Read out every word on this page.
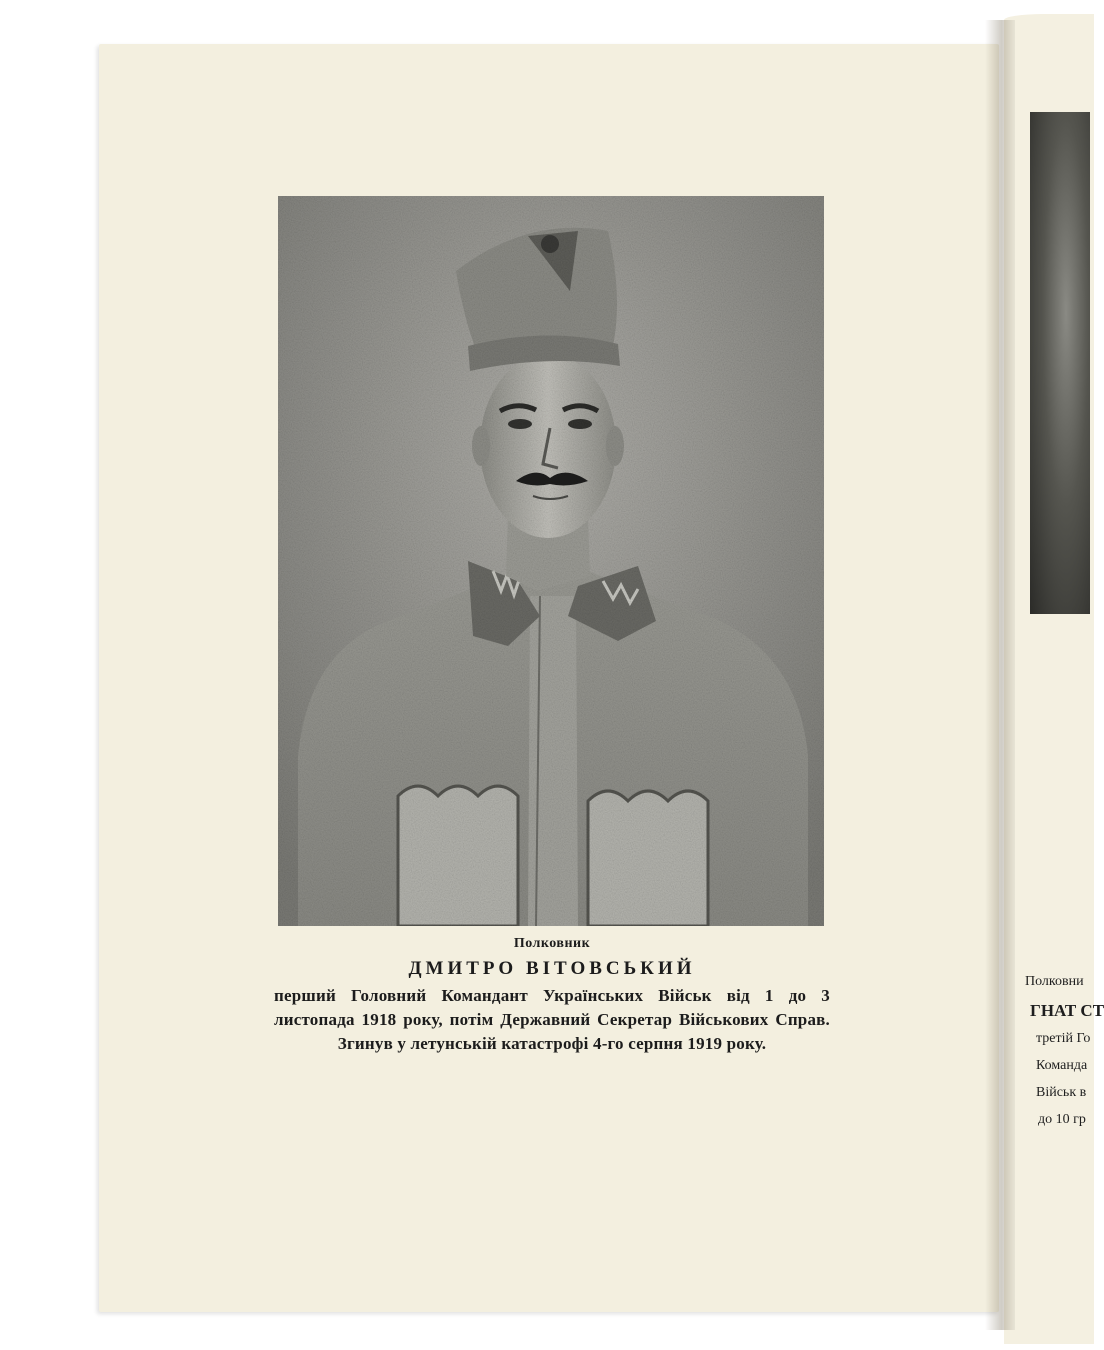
Полковни
ГНАТ СТ
третій Го
Команда
Військ в
до 10 гр
Полковник
ДМИТРО ВІТОВСЬКИЙ
перший Головний Командант Українських Військ від 1 до 3 листопада 1918 року, потім Державний Секретар Військових Справ. Згинув у летунській катастрофі 4-го серпня 1919 року.
